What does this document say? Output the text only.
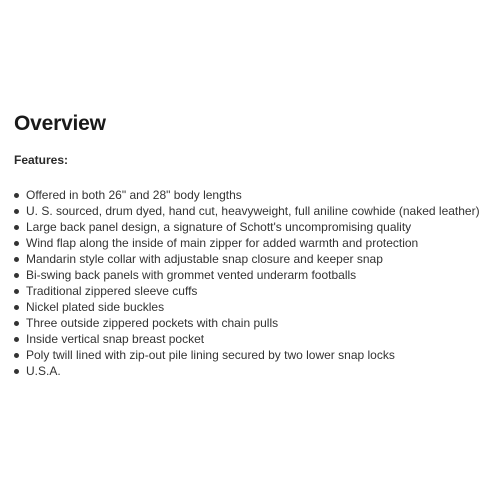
Overview
Features:
Offered in both 26" and 28" body lengths
U. S. sourced, drum dyed, hand cut, heavyweight, full aniline cowhide (naked leather)
Large back panel design, a signature of Schott's uncompromising quality
Wind flap along the inside of main zipper for added warmth and protection
Mandarin style collar with adjustable snap closure and keeper snap
Bi-swing back panels with grommet vented underarm footballs
Traditional zippered sleeve cuffs
Nickel plated side buckles
Three outside zippered pockets with chain pulls
Inside vertical snap breast pocket
Poly twill lined with zip-out pile lining secured by two lower snap locks
U.S.A.
